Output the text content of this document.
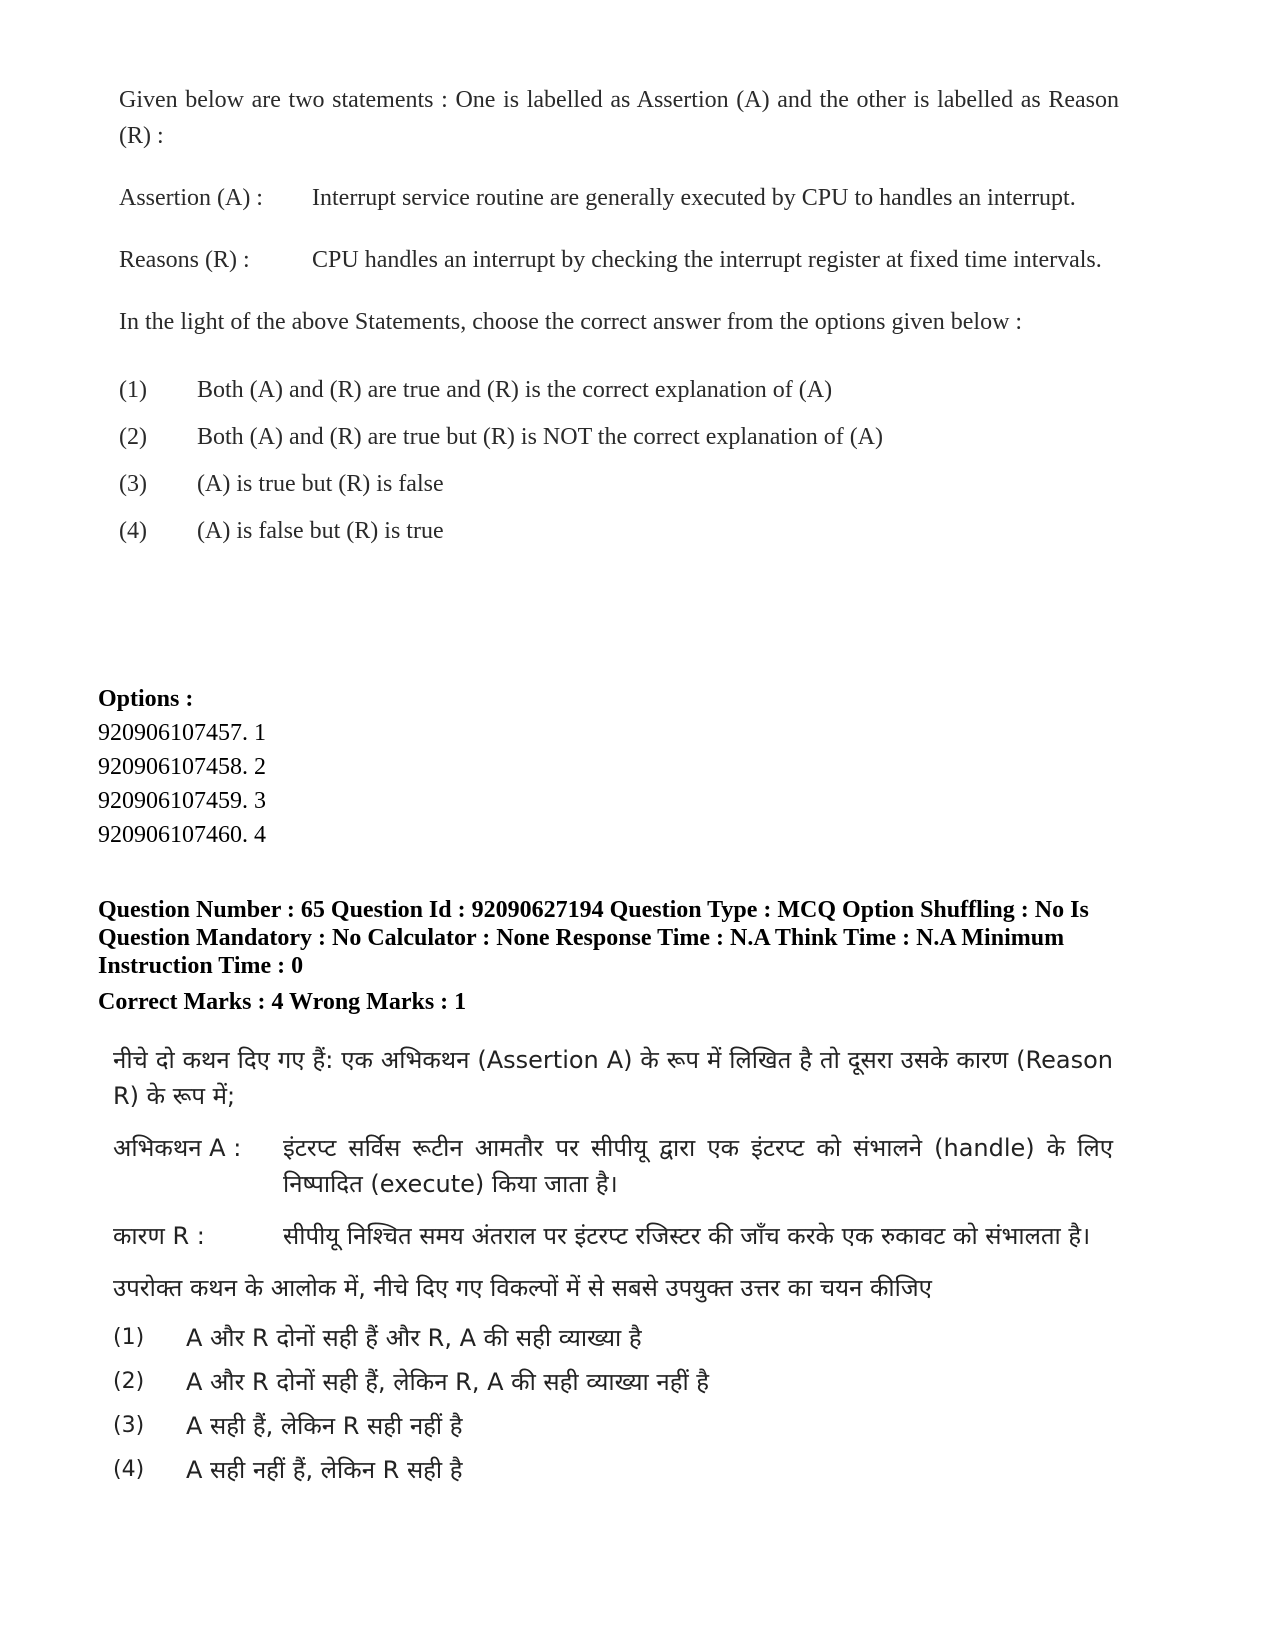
Given below are two statements : One is labelled as Assertion (A) and the other is labelled as Reason (R) :
Assertion (A) :	Interrupt service routine are generally executed by CPU to handles an interrupt.
Reasons (R) :	CPU handles an interrupt by checking the interrupt register at fixed time intervals.
In the light of the above Statements, choose the correct answer from the options given below :
(1)	Both (A) and (R) are true and (R) is the correct explanation of (A)
(2)	Both (A) and (R) are true but (R) is NOT the correct explanation of (A)
(3)	(A) is true but (R) is false
(4)	(A) is false but (R) is true
Options :
920906107457. 1
920906107458. 2
920906107459. 3
920906107460. 4
Question Number : 65 Question Id : 92090627194 Question Type : MCQ Option Shuffling : No Is
Question Mandatory : No Calculator : None Response Time : N.A Think Time : N.A Minimum
Instruction Time : 0
Correct Marks : 4 Wrong Marks : 1
नीचे दो कथन दिए गए हैं: एक अभिकथन (Assertion A) के रूप में लिखित है तो दूसरा उसके कारण (Reason R) के रूप में;
अभिकथन A :	इंटरप्ट सर्विस रूटीन आमतौर पर सीपीयू द्वारा एक इंटरप्ट को संभालने (handle) के लिए निष्पादित (execute) किया जाता है।
कारण R :	सीपीयू निश्चित समय अंतराल पर इंटरप्ट रजिस्टर की जाँच करके एक रुकावट को संभालता है।
उपरोक्त कथन के आलोक में, नीचे दिए गए विकल्पों में से सबसे उपयुक्त उत्तर का चयन कीजिए
(1)	A और R दोनों सही हैं और R, A की सही व्याख्या है
(2)	A और R दोनों सही हैं, लेकिन R, A की सही व्याख्या नहीं है
(3)	A सही हैं, लेकिन R सही नहीं है
(4)	A सही नहीं हैं, लेकिन R सही है
